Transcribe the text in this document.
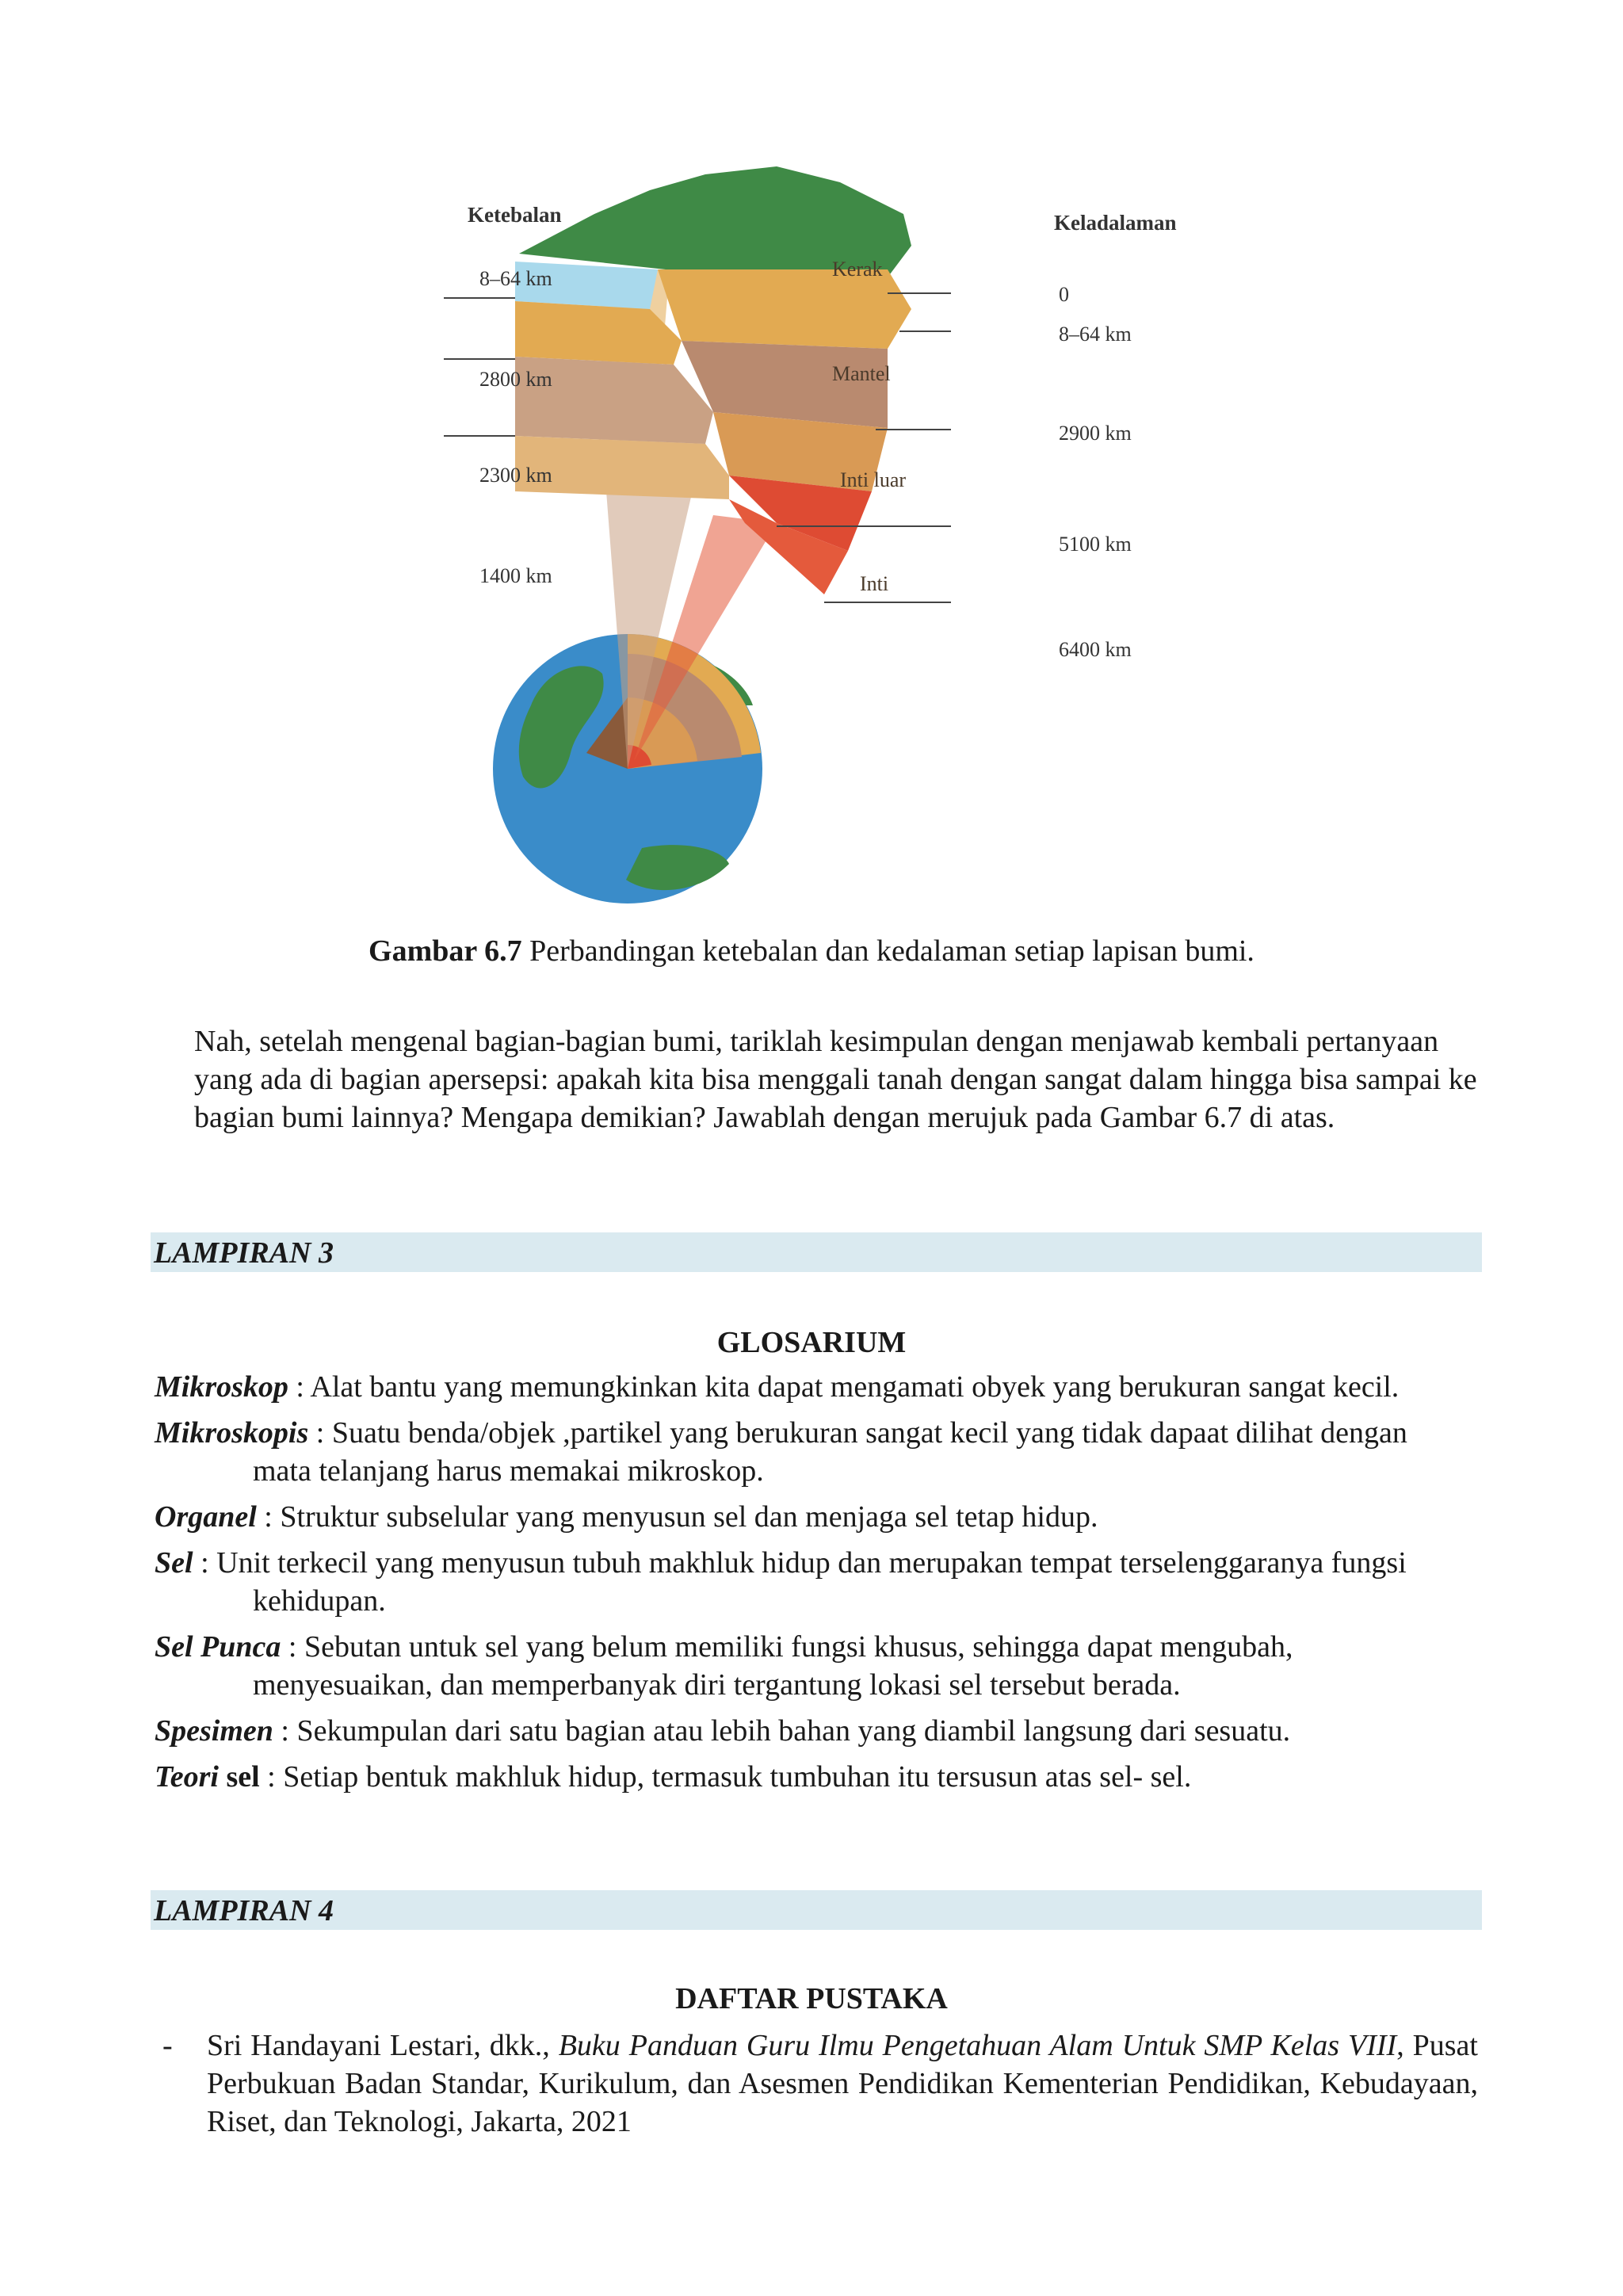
Ketebalan	Keladalaman
8–64 km
2800 km
2300 km
1400 km
0
8–64 km
2900 km
5100 km
6400 km
Kerak
Mantel
Inti luar
Inti
Gambar 6.7 Perbandingan ketebalan dan kedalaman setiap lapisan bumi.
Nah, setelah mengenal bagian-bagian bumi, tariklah kesimpulan dengan menjawab kembali pertanyaan yang ada di bagian apersepsi: apakah kita bisa menggali tanah dengan sangat dalam hingga bisa sampai ke bagian bumi lainnya? Mengapa demikian? Jawablah dengan merujuk pada Gambar 6.7 di atas.
LAMPIRAN 3
GLOSARIUM
Mikroskop : Alat bantu yang memungkinkan kita dapat mengamati obyek yang berukuran sangat kecil.
Mikroskopis : Suatu benda/objek ,partikel yang berukuran sangat kecil yang tidak dapaat dilihat dengan mata telanjang harus memakai mikroskop.
Organel : Struktur subselular yang menyusun sel dan menjaga sel tetap hidup.
Sel : Unit terkecil yang menyusun tubuh makhluk hidup dan merupakan tempat terselenggaranya fungsi kehidupan.
Sel Punca : Sebutan untuk sel yang belum memiliki fungsi khusus, sehingga dapat mengubah, menyesuaikan, dan memperbanyak diri tergantung lokasi sel tersebut berada.
Spesimen : Sekumpulan dari satu bagian atau lebih bahan yang diambil langsung dari sesuatu.
Teori sel : Setiap bentuk makhluk hidup, termasuk tumbuhan itu tersusun atas sel- sel.
LAMPIRAN 4
DAFTAR PUSTAKA
- Sri Handayani Lestari, dkk., Buku Panduan Guru Ilmu Pengetahuan Alam Untuk SMP Kelas VIII, Pusat Perbukuan Badan Standar, Kurikulum, dan Asesmen Pendidikan Kementerian Pendidikan, Kebudayaan, Riset, dan Teknologi, Jakarta, 2021
